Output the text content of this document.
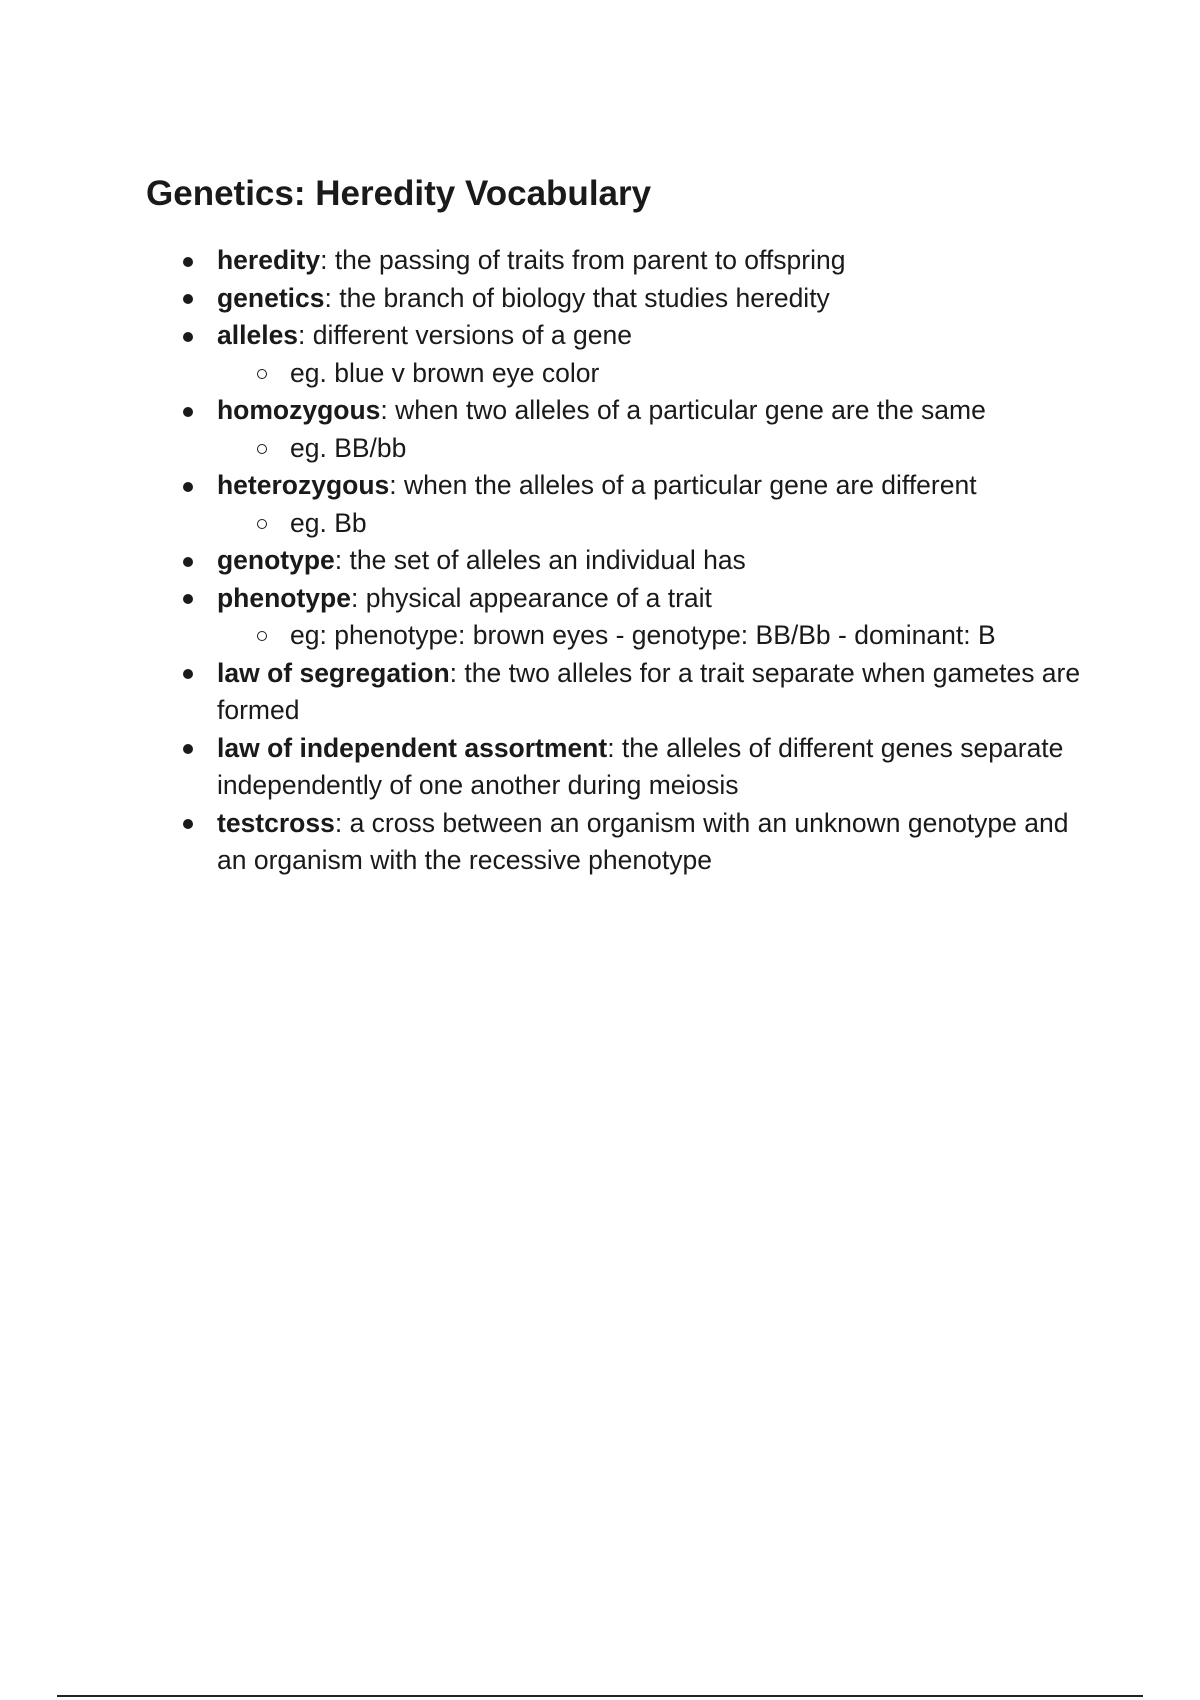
Genetics: Heredity Vocabulary
heredity: the passing of traits from parent to offspring
genetics: the branch of biology that studies heredity
alleles: different versions of a gene
eg. blue v brown eye color
homozygous: when two alleles of a particular gene are the same
eg. BB/bb
heterozygous: when the alleles of a particular gene are different
eg. Bb
genotype: the set of alleles an individual has
phenotype: physical appearance of a trait
eg: phenotype: brown eyes - genotype: BB/Bb - dominant: B
law of segregation: the two alleles for a trait separate when gametes are formed
law of independent assortment: the alleles of different genes separate independently of one another during meiosis
testcross: a cross between an organism with an unknown genotype and an organism with the recessive phenotype
